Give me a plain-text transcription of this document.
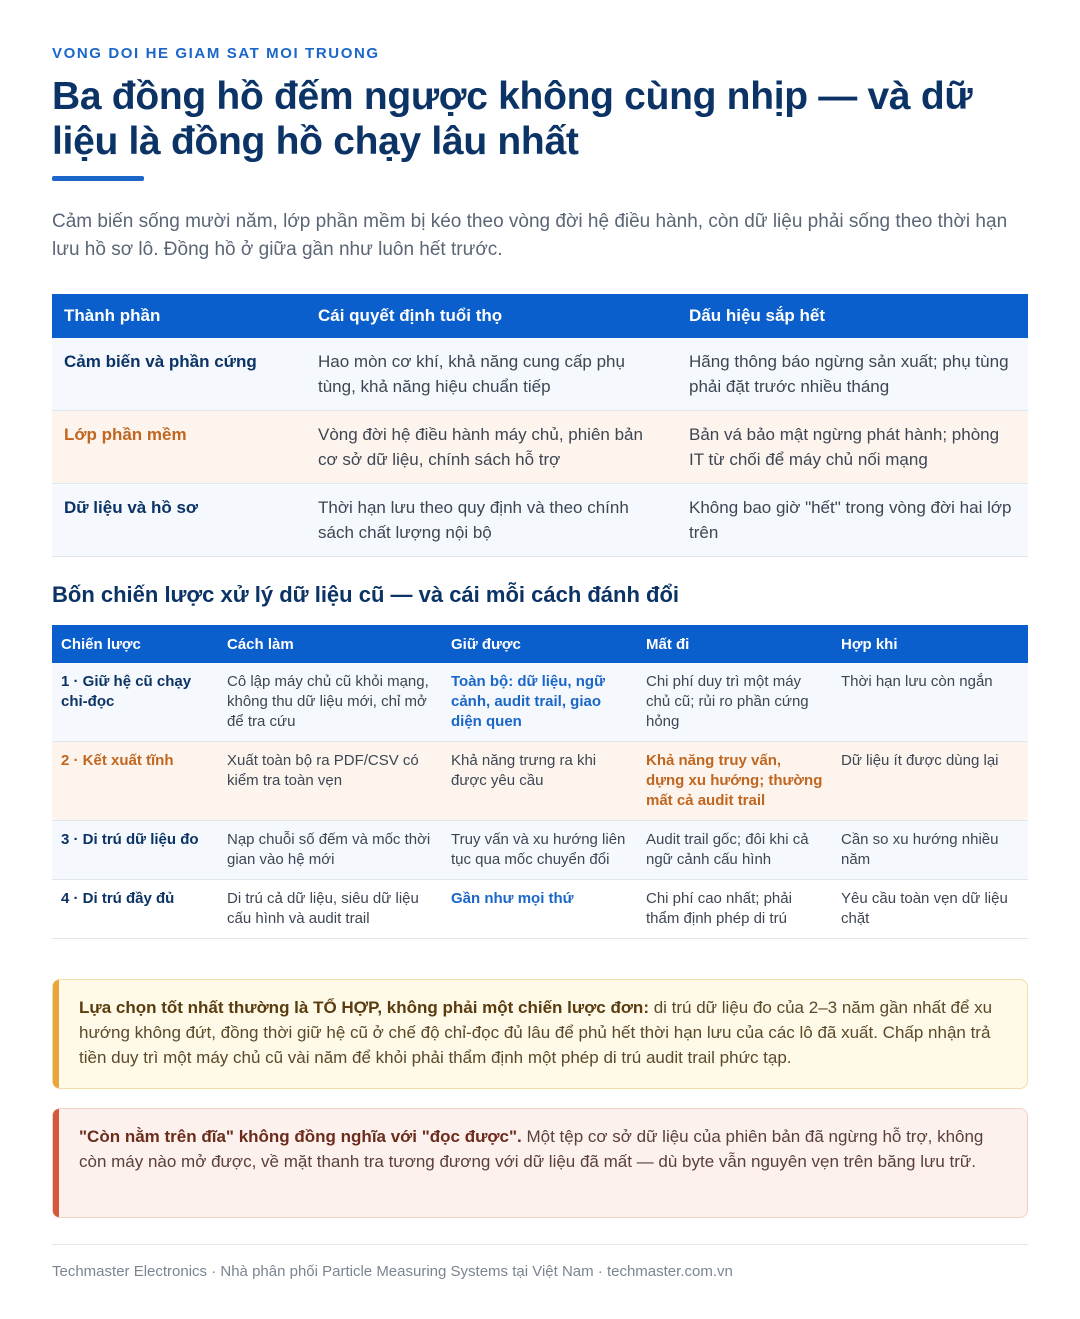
VONG DOI HE GIAM SAT MOI TRUONG
Ba đồng hồ đếm ngược không cùng nhịp — và dữ liệu là đồng hồ chạy lâu nhất

Cảm biến sống mười năm, lớp phần mềm bị kéo theo vòng đời hệ điều hành, còn dữ liệu phải sống theo thời hạn lưu hồ sơ lô. Đồng hồ ở giữa gần như luôn hết trước.

Thành phần	Cái quyết định tuổi thọ	Dấu hiệu sắp hết
Cảm biến và phần cứng	Hao mòn cơ khí, khả năng cung cấp phụ tùng, khả năng hiệu chuẩn tiếp	Hãng thông báo ngừng sản xuất; phụ tùng phải đặt trước nhiều tháng
Lớp phần mềm	Vòng đời hệ điều hành máy chủ, phiên bản cơ sở dữ liệu, chính sách hỗ trợ	Bản vá bảo mật ngừng phát hành; phòng IT từ chối để máy chủ nối mạng
Dữ liệu và hồ sơ	Thời hạn lưu theo quy định và theo chính sách chất lượng nội bộ	Không bao giờ "hết" trong vòng đời hai lớp trên
Bốn chiến lược xử lý dữ liệu cũ — và cái mỗi cách đánh đổi
Chiến lược	Cách làm	Giữ được	Mất đi	Hợp khi
1 · Giữ hệ cũ chạy chỉ-đọc	Cô lập máy chủ cũ khỏi mạng, không thu dữ liệu mới, chỉ mở để tra cứu	Toàn bộ: dữ liệu, ngữ cảnh, audit trail, giao diện quen	Chi phí duy trì một máy chủ cũ; rủi ro phần cứng hỏng	Thời hạn lưu còn ngắn
2 · Kết xuất tĩnh	Xuất toàn bộ ra PDF/CSV có kiểm tra toàn vẹn	Khả năng trưng ra khi được yêu cầu	Khả năng truy vấn, dựng xu hướng; thường mất cả audit trail	Dữ liệu ít được dùng lại
3 · Di trú dữ liệu đo	Nạp chuỗi số đếm và mốc thời gian vào hệ mới	Truy vấn và xu hướng liên tục qua mốc chuyển đổi	Audit trail gốc; đôi khi cả ngữ cảnh cấu hình	Cần so xu hướng nhiều năm
4 · Di trú đầy đủ	Di trú cả dữ liệu, siêu dữ liệu cấu hình và audit trail	Gần như mọi thứ	Chi phí cao nhất; phải thẩm định phép di trú	Yêu cầu toàn vẹn dữ liệu chặt

Lựa chọn tốt nhất thường là TỔ HỢP, không phải một chiến lược đơn: di trú dữ liệu đo của 2–3 năm gần nhất để xu hướng không đứt, đồng thời giữ hệ cũ ở chế độ chỉ-đọc đủ lâu để phủ hết thời hạn lưu của các lô đã xuất. Chấp nhận trả tiền duy trì một máy chủ cũ vài năm để khỏi phải thẩm định một phép di trú audit trail phức tạp.

"Còn nằm trên đĩa" không đồng nghĩa với "đọc được". Một tệp cơ sở dữ liệu của phiên bản đã ngừng hỗ trợ, không còn máy nào mở được, về mặt thanh tra tương đương với dữ liệu đã mất — dù byte vẫn nguyên vẹn trên băng lưu trữ.

Techmaster Electronics · Nhà phân phối Particle Measuring Systems tại Việt Nam · techmaster.com.vn
